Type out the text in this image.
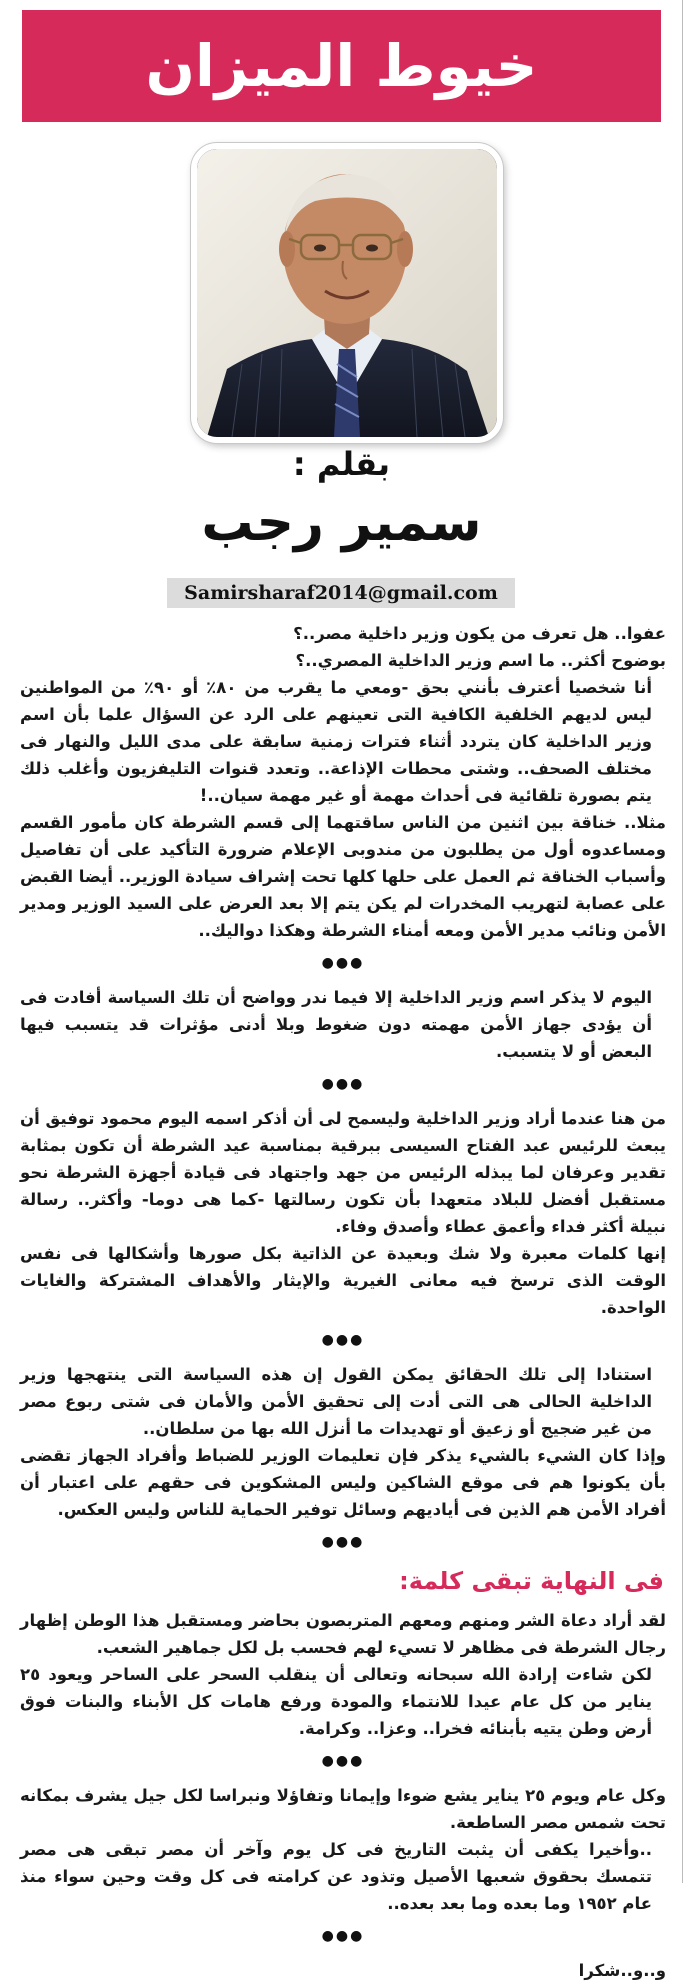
خيوط الميزان
بقلم :
سمير رجب
Samirsharaf2014@gmail.com

عفوا.. هل تعرف من يكون وزير داخلية مصر..؟

بوضوح أكثر.. ما اسم وزير الداخلية المصري..؟

أنا شخصيا أعترف بأنني بحق -ومعي ما يقرب من ٨٠٪ أو ٩٠٪ من المواطنين ليس لديهم الخلفية الكافية التى تعينهم على الرد عن السؤال علما بأن اسم وزير الداخلية كان يتردد أثناء فترات زمنية سابقة على مدى الليل والنهار فى مختلف الصحف.. وشتى محطات الإذاعة.. وتعدد قنوات التليفزيون وأغلب ذلك يتم بصورة تلقائية فى أحداث مهمة أو غير مهمة سيان..!

مثلا.. خناقة بين اثنين من الناس ساقتهما إلى قسم الشرطة كان مأمور القسم ومساعدوه أول من يطلبون من مندوبى الإعلام ضرورة التأكيد على أن تفاصيل وأسباب الخناقة ثم العمل على حلها كلها تحت إشراف سيادة الوزير.. أيضا القبض على عصابة لتهريب المخدرات لم يكن يتم إلا بعد العرض على السيد الوزير ومدير الأمن ونائب مدير الأمن ومعه أمناء الشرطة وهكذا دواليك..

●●●

اليوم لا يذكر اسم وزير الداخلية إلا فيما ندر وواضح أن تلك السياسة أفادت فى أن يؤدى جهاز الأمن مهمته دون ضغوط وبلا أدنى مؤثرات قد يتسبب فيها البعض أو لا يتسبب.

●●●

من هنا عندما أراد وزير الداخلية وليسمح لى أن أذكر اسمه اليوم محمود توفيق أن يبعث للرئيس عبد الفتاح السيسى ببرقية بمناسبة عيد الشرطة أن تكون بمثابة تقدير وعرفان لما يبذله الرئيس من جهد واجتهاد فى قيادة أجهزة الشرطة نحو مستقبل أفضل للبلاد متعهدا بأن تكون رسالتها -كما هى دوما- وأكثر.. رسالة نبيلة أكثر فداء وأعمق عطاء وأصدق وفاء.

إنها كلمات معبرة ولا شك وبعيدة عن الذاتية بكل صورها وأشكالها فى نفس الوقت الذى ترسخ فيه معانى الغيرية والإيثار والأهداف المشتركة والغايات الواحدة.

●●●

استنادا إلى تلك الحقائق يمكن القول إن هذه السياسة التى ينتهجها وزير الداخلية الحالى هى التى أدت إلى تحقيق الأمن والأمان فى شتى ربوع مصر من غير ضجيج أو زعيق أو تهديدات ما أنزل الله بها من سلطان..

وإذا كان الشيء بالشيء يذكر فإن تعليمات الوزير للضباط وأفراد الجهاز تقضى بأن يكونوا هم فى موقع الشاكين وليس المشكوين فى حقهم على اعتبار أن أفراد الأمن هم الذين فى أياديهم وسائل توفير الحماية للناس وليس العكس.

●●●
فى النهاية تبقى كلمة:

لقد أراد دعاة الشر ومنهم ومعهم المتربصون بحاضر ومستقبل هذا الوطن إظهار رجال الشرطة فى مظاهر لا تسيء لهم فحسب بل لكل جماهير الشعب.

لكن شاءت إرادة الله سبحانه وتعالى أن ينقلب السحر على الساحر ويعود ٢٥ يناير من كل عام عيدا للانتماء والمودة ورفع هامات كل الأبناء والبنات فوق أرض وطن يتيه بأبنائه فخرا.. وعزا.. وكرامة.

●●●

وكل عام ويوم ٢٥ يناير يشع ضوءا وإيمانا وتفاؤلا ونبراسا لكل جيل يشرف بمكانه تحت شمس مصر الساطعة.

..وأخيرا يكفى أن يثبت التاريخ فى كل يوم وآخر أن مصر تبقى هى مصر تتمسك بحقوق شعبها الأصيل وتذود عن كرامته فى كل وقت وحين سواء منذ عام ١٩٥٢ وما بعده وما بعد بعده..

●●●

و..و..شكرا
